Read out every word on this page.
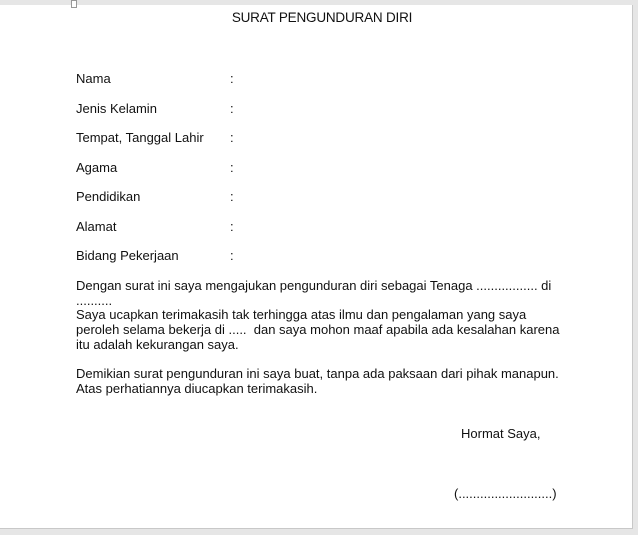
SURAT PENGUNDURAN DIRI
Nama	:
Jenis Kelamin	:
Tempat, Tanggal Lahir :
Agama	:
Pendidikan	:
Alamat	:
Bidang Pekerjaan	:
Dengan surat ini saya mengajukan pengunduran diri sebagai Tenaga ................. di
..........
Saya ucapkan terimakasih tak terhingga atas ilmu dan pengalaman yang saya
peroleh selama bekerja di .....  dan saya mohon maaf apabila ada kesalahan karena
itu adalah kekurangan saya.
Demikian surat pengunduran ini saya buat, tanpa ada paksaan dari pihak manapun.
Atas perhatiannya diucapkan terimakasih.
Hormat Saya,
(..........................)
